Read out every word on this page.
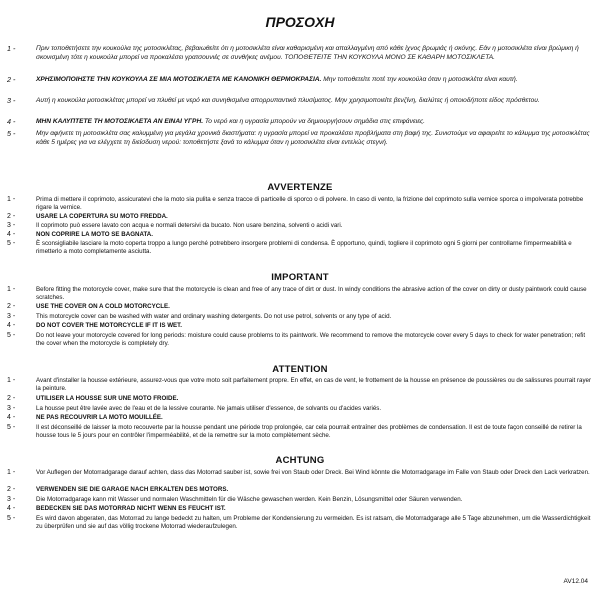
ΠΡΟΣΟΧΗ
1 -	Πριν τοποθετήσετε την κουκούλα της μοτοσικλέτας, βεβαιωθείτε ότι η μοτοσικλέτα είναι καθαρισμένη και απαλλαγμένη από κάθε ίχνος βρωμιάς ή σκόνης. Εάν η μοτοσικλέτα είναι βρώμικη ή σκονισμένη τότε η κουκούλα μπορεί να προκαλέσει γρατσουνιές σε συνθήκες ανέμου. ΤΟΠΟΘΕΤΕΙΤΕ ΤΗΝ ΚΟΥΚΟΥΛΑ ΜΟΝΟ ΣΕ ΚΑΘΑΡΗ ΜΟΤΟΣΙΚΛΕΤΑ.
2 -	ΧΡΗΣΙΜΟΠΟΙΗΣΤΕ ΤΗΝ ΚΟΥΚΟΥΛΑ ΣΕ ΜΙΑ ΜΟΤΟΣΙΚΛΕΤΑ ΜΕ ΚΑΝΟΝΙΚΗ ΘΕΡΜΟΚΡΑΣΙΑ. Μην τοποθετείτε ποτέ την κουκούλα όταν η μοτοσικλέτα είναι καυτή.
3 -	Αυτή η κουκούλα μοτοσικλέτας μπορεί να πλυθεί με νερό και συνηθισμένα απορρυπαντικά πλυσίματος. Μην χρησιμοποιείτε βενζίνη, διαλύτες ή οποιοδήποτε είδος πρόσθετου.
4 -	ΜΗΝ ΚΑΛΥΠΤΕΤΕ ΤΗ ΜΟΤΟΣΙΚΛΕΤΑ ΑΝ ΕΙΝΑΙ ΥΓΡΗ. Το νερό και η υγρασία μπορούν να δημιουργήσουν σημάδια στις επιφάνειες.
5 -	Μην αφήνετε τη μοτοσικλέτα σας καλυμμένη για μεγάλα χρονικά διαστήματα: η υγρασία μπορεί να προκαλέσει προβλήματα στη βαφή της. Συνιστούμε να αφαιρείτε το κάλυμμα της μοτοσικλέτας κάθε 5 ημέρες για να ελέγχετε τη διείσδυση νερού: τοποθετήστε ξανά το κάλυμμα όταν η μοτοσικλέτα είναι εντελώς στεγνή.
AVVERTENZE
1 -	Prima di mettere il coprimoto, assicuratevi che la moto sia pulita e senza tracce di particelle di sporco o di polvere. In caso di vento, la frizione del coprimoto sulla vernice sporca o impolverata potrebbe rigare la vernice.
2 -	USARE LA COPERTURA SU MOTO FREDDA.
3 -	Il coprimoto può essere lavato con acqua e normali detersivi da bucato. Non usare benzina, solventi o acidi vari.
4 -	NON COPRIRE LA MOTO SE BAGNATA.
5 -	È sconsigliabile lasciare la moto coperta troppo a lungo perché potrebbero insorgere problemi di condensa. È opportuno, quindi, togliere il coprimoto ogni 5 giorni per controllarne l'impermeabilità e rimetterlo a moto completamente asciutta.
IMPORTANT
1 -	Before fitting the motorcycle cover, make sure that the motorcycle is clean and free of any trace of dirt or dust. In windy conditions the abrasive action of the cover on dirty or dusty paintwork could cause scratches.
2 -	USE THE COVER ON A COLD MOTORCYCLE.
3 -	This motorcycle cover can be washed with water and ordinary washing detergents. Do not use petrol, solvents or any type of acid.
4 -	DO NOT COVER THE MOTORCYCLE IF IT IS WET.
5 -	Do not leave your motorcycle covered for long periods: moisture could cause problems to its paintwork. We recommend to remove the motorcycle cover every 5 days to check for water penetration; refit the cover when the motorcycle is completely dry.
ATTENTION
1 -	Avant d'installer la housse extérieure, assurez-vous que votre moto soit parfaitement propre. En effet, en cas de vent, le frottement de la housse en présence de poussières ou de salissures pourrait rayer la peinture.
2 -	UTILISER LA HOUSSE SUR UNE MOTO FROIDE.
3 -	La housse peut être lavée avec de l'eau et de la lessive courante. Ne jamais utiliser d'essence, de solvants ou d'acides variés.
4 -	NE PAS RECOUVRIR LA MOTO MOUILLÉE.
5 -	Il est déconseillé de laisser la moto recouverte par la housse pendant une période trop prolongée, car cela pourrait entraîner des problèmes de condensation. Il est de toute façon conseillé de retirer la housse tous le 5 jours pour en contrôler l'imperméabilité, et de la remettre sur la moto complètement sèche.
ACHTUNG
1 -	Vor Auflegen der Motorradgarage darauf achten, dass das Motorrad sauber ist, sowie frei von Staub oder Dreck. Bei Wind könnte die Motorradgarage im Falle von Staub oder Dreck den Lack verkratzen.
2 -	VERWENDEN SIE DIE GARAGE NACH ERKALTEN DES MOTORS.
3 -	Die Motorradgarage kann mit Wasser und normalen Waschmitteln für die Wäsche gewaschen werden. Kein Benzin, Lösungsmittel oder Säuren verwenden.
4 -	BEDECKEN SIE DAS MOTORRAD NICHT WENN ES FEUCHT IST.
5 -	Es wird davon abgeraten, das Motorrad zu lange bedeckt zu halten, um Probleme der Kondensierung zu vermeiden. Es ist ratsam, die Motorradgarage alle 5 Tage abzunehmen, um die Wasserdichtigkeit zu überprüfen und sie auf das völlig trockene Motorrad wiederaufzulegen.
AV12.04
